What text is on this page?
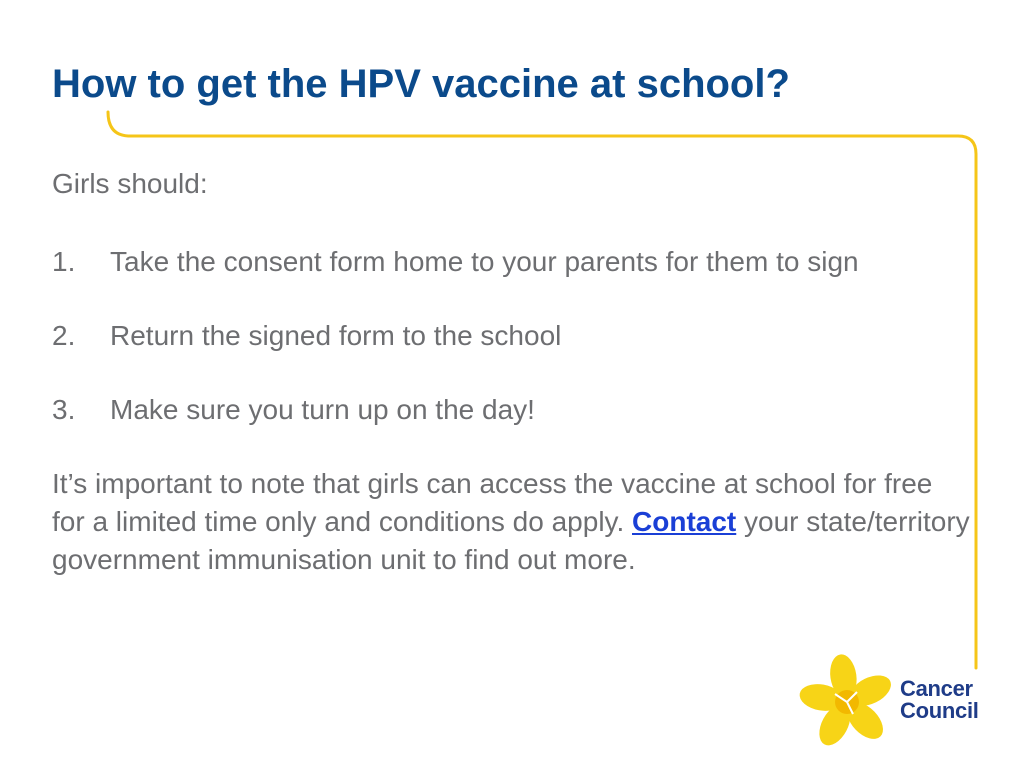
How to get the HPV vaccine at school?

Girls should:

1.	Take the consent form home to your parents for them to sign
2.	Return the signed form to the school
3.	Make sure you turn up on the day!

It’s important to note that girls can access the vaccine at school for free for a limited time only and conditions do apply. Contact your state/territory government immunisation unit to find out more.

Cancer
Council
